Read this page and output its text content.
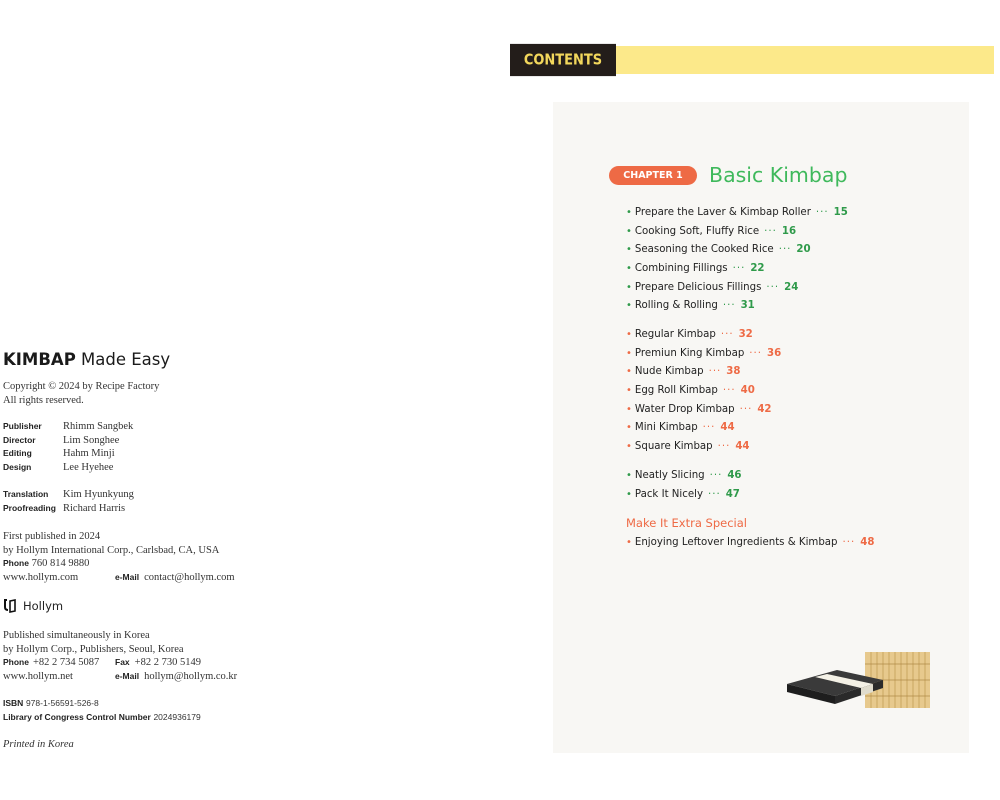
KIMBAP Made Easy
Copyright © 2024 by Recipe Factory
All rights reserved.
Publisher	Rhimm Sangbek
Director	Lim Songhee
Editing	Hahm Minji
Design	Lee Hyehee
Translation	Kim Hyunkyung
Proofreading Richard Harris
First published in 2024
by Hollym International Corp., Carlsbad, CA, USA
Phone
760 814 9880
www.hollym.com	e-Mail contact@hollym.com
Hollym
Published simultaneously in Korea
by Hollym Corp., Publishers, Seoul, Korea
Phone +82 2 734 5087 Fax +82 2 730 5149
www.hollym.net	e-Mail hollym@hollym.co.kr
ISBN
978-1-56591-526-8
Library of Congress Control Number
2024936179
Printed in Korea
CONTENTS
CHAPTER 1	Basic Kimbap
• Prepare the Laver & Kimbap Roller ··· 15
• Cooking Soft, Fluffy Rice ··· 16
• Seasoning the Cooked Rice ··· 20
• Combining Fillings ··· 22
• Prepare Delicious Fillings ··· 24
• Rolling & Rolling ··· 31
• Regular Kimbap ··· 32
• Premiun King Kimbap ··· 36
• Nude Kimbap ··· 38
• Egg Roll Kimbap ··· 40
• Water Drop Kimbap ··· 42
• Mini Kimbap ··· 44
• Square Kimbap ··· 44
• Neatly Slicing ··· 46
• Pack It Nicely ··· 47
Make It Extra Special
• Enjoying Leftover Ingredients & Kimbap ··· 48
